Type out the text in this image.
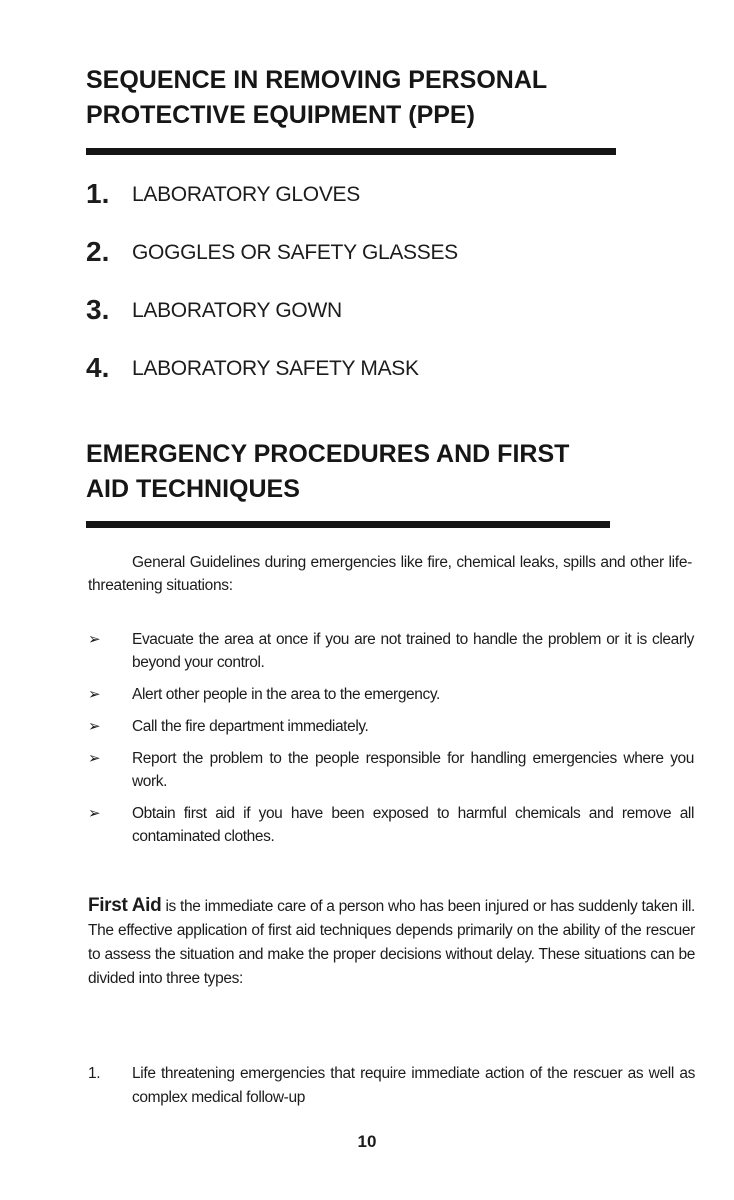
SEQUENCE IN REMOVING PERSONAL
PROTECTIVE EQUIPMENT (PPE)
1. LABORATORY GLOVES
2. GOGGLES OR SAFETY GLASSES
3. LABORATORY GOWN
4. LABORATORY SAFETY MASK
EMERGENCY PROCEDURES AND FIRST
AID TECHNIQUES
General Guidelines during emergencies like fire, chemical leaks, spills and other life-threatening situations:
➢ Evacuate the area at once if you are not trained to handle the problem or it is clearly beyond your control.
➢ Alert other people in the area to the emergency.
➢ Call the fire department immediately.
➢ Report the problem to the people responsible for handling emergencies where you work.
➢ Obtain first aid if you have been exposed to harmful chemicals and remove all contaminated clothes.

First Aid is the immediate care of a person who has been injured or has suddenly taken ill. The effective application of first aid techniques depends primarily on the ability of the rescuer to assess the situation and make the proper decisions without delay. These situations can be divided into three types:

1.	Life threatening emergencies that require immediate action of the rescuer as well as complex medical follow-up
10
